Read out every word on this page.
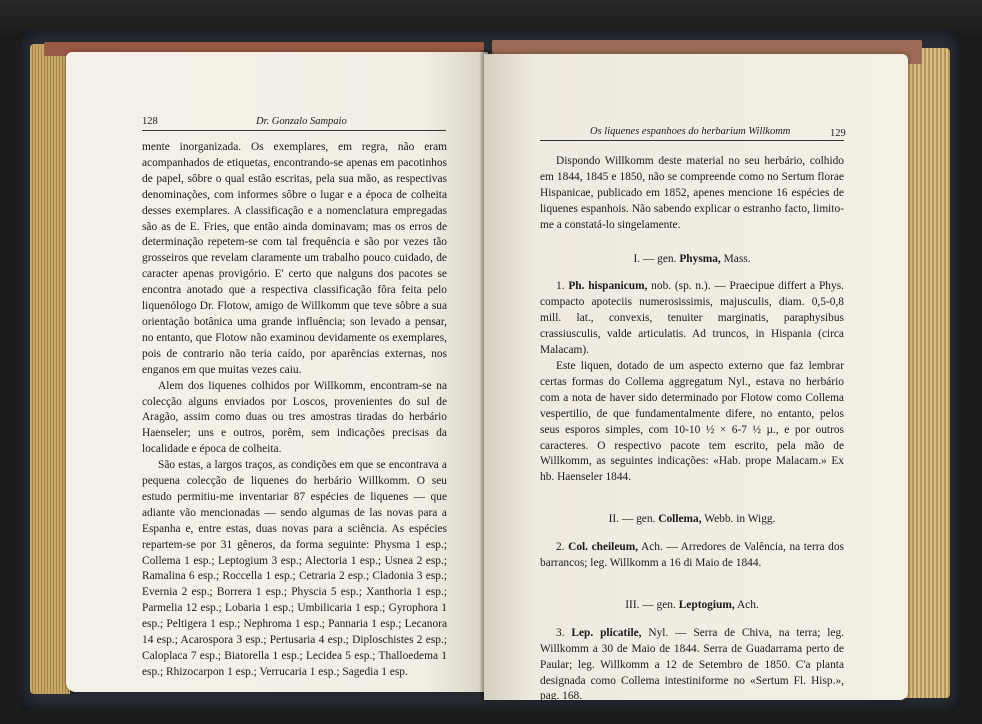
128	Dr. Gonzalo Sampaio

mente inorganizada. Os exemplares, em regra, não eram acompanhados de etiquetas, encontrando-se apenas em pacotinhos de papel, sôbre o qual estão escritas, pela sua mão, as respectivas denominações, com informes sôbre o lugar e a época de colheita desses exemplares. A classificação e a nomenclatura empregadas são as de E. Fries, que então ainda dominavam; mas os erros de determinação repetem-se com tal frequência e são por vezes tão grosseiros que revelam claramente um trabalho pouco cuidado, de caracter apenas provigório. E' certo que nalguns dos pacotes se encontra anotado que a respectiva classificação fôra feita pelo liquenólogo Dr. Flotow, amigo de Willkomm que teve sôbre a sua orientação botânica uma grande influência; son levado a pensar, no entanto, que Flotow não examinou devidamente os exemplares, pois de contrario não teria caído, por aparências externas, nos enganos em que muitas vezes caiu.

Alem dos liquenes colhidos por Willkomm, encontram-se na colecção alguns enviados por Loscos, provenientes do sul de Aragão, assim como duas ou tres amostras tiradas do herbário Haenseler; uns e outros, porêm, sem indicações precisas da localidade e época de colheita.

São estas, a largos traços, as condições em que se encontrava a pequena colecção de liquenes do herbário Willkomm. O seu estudo permitiu-me inventariar 87 espécies de liquenes — que adiante vão mencionadas — sendo algumas de las novas para a Espanha e, entre estas, duas novas para a sciência. As espécies repartem-se por 31 gêneros, da forma seguinte: Physma 1 esp.; Collema 1 esp.; Leptogium 3 esp.; Alectoria 1 esp.; Usnea 2 esp.; Ramalina 6 esp.; Roccella 1 esp.; Cetraria 2 esp.; Cladonia 3 esp.; Evernia 2 esp.; Borrera 1 esp.; Physcia 5 esp.; Xanthoria 1 esp.; Parmelia 12 esp.; Lobaria 1 esp.; Umbilicaria 1 esp.; Gyrophora 1 esp.; Peltigera 1 esp.; Nephroma 1 esp.; Pannaria 1 esp.; Lecanora 14 esp.; Acarospora 3 esp.; Pertusaria 4 esp.; Diploschistes 2 esp.; Caloplaca 7 esp.; Biatorella 1 esp.; Lecidea 5 esp.; Thalloedema 1 esp.; Rhizocarpon 1 esp.; Verrucaria 1 esp.; Sagedia 1 esp.

Os liquenes espanhoes do herbarium Willkomm	129

Dispondo Willkomm deste material no seu herbário, colhido em 1844, 1845 e 1850, não se compreende como no Sertum florae Hispanicae, publicado em 1852, apenes mencione 16 espécies de liquenes espanhois. Não sabendo explicar o estranho facto, limito-me a constatá-lo singelamente.

I. — gen. Physma, Mass.

1. Ph. hispanicum, nob. (sp. n.). — Praecipue differt a Phys. compacto apoteciis numerosissimis, majusculis, diam. 0,5-0,8 mill. lat., convexis, tenuiter marginatis, paraphysibus crassiusculis, valde articulatis. Ad truncos, in Hispania (circa Malacam).

Este liquen, dotado de um aspecto externo que faz lembrar certas formas do Collema aggregatum Nyl., estava no herbário com a nota de haver sido determinado por Flotow como Collema vespertilio, de que fundamentalmente difere, no entanto, pelos seus esporos simples, com 10-10 ½ × 6-7 ½ µ., e por outros caracteres. O respectivo pacote tem escrito, pela mão de Willkomm, as seguintes indicações: «Hab. prope Malacam.» Ex hb. Haenseler 1844.

II. — gen. Collema, Webb. in Wigg.

2. Col. cheileum, Ach. — Arredores de Valência, na terra dos barrancos; leg. Willkomm a 16 di Maio de 1844.

III. — gen. Leptogium, Ach.

3. Lep. plicatile, Nyl. — Serra de Chiva, na terra; leg. Willkomm a 30 de Maio de 1844. Serra de Guadarrama perto de Paular; leg. Willkomm a 12 de Setembro de 1850. C'a planta designada como Collema intestiniforme no «Sertum Fl. Hisp.», pag. 168.
